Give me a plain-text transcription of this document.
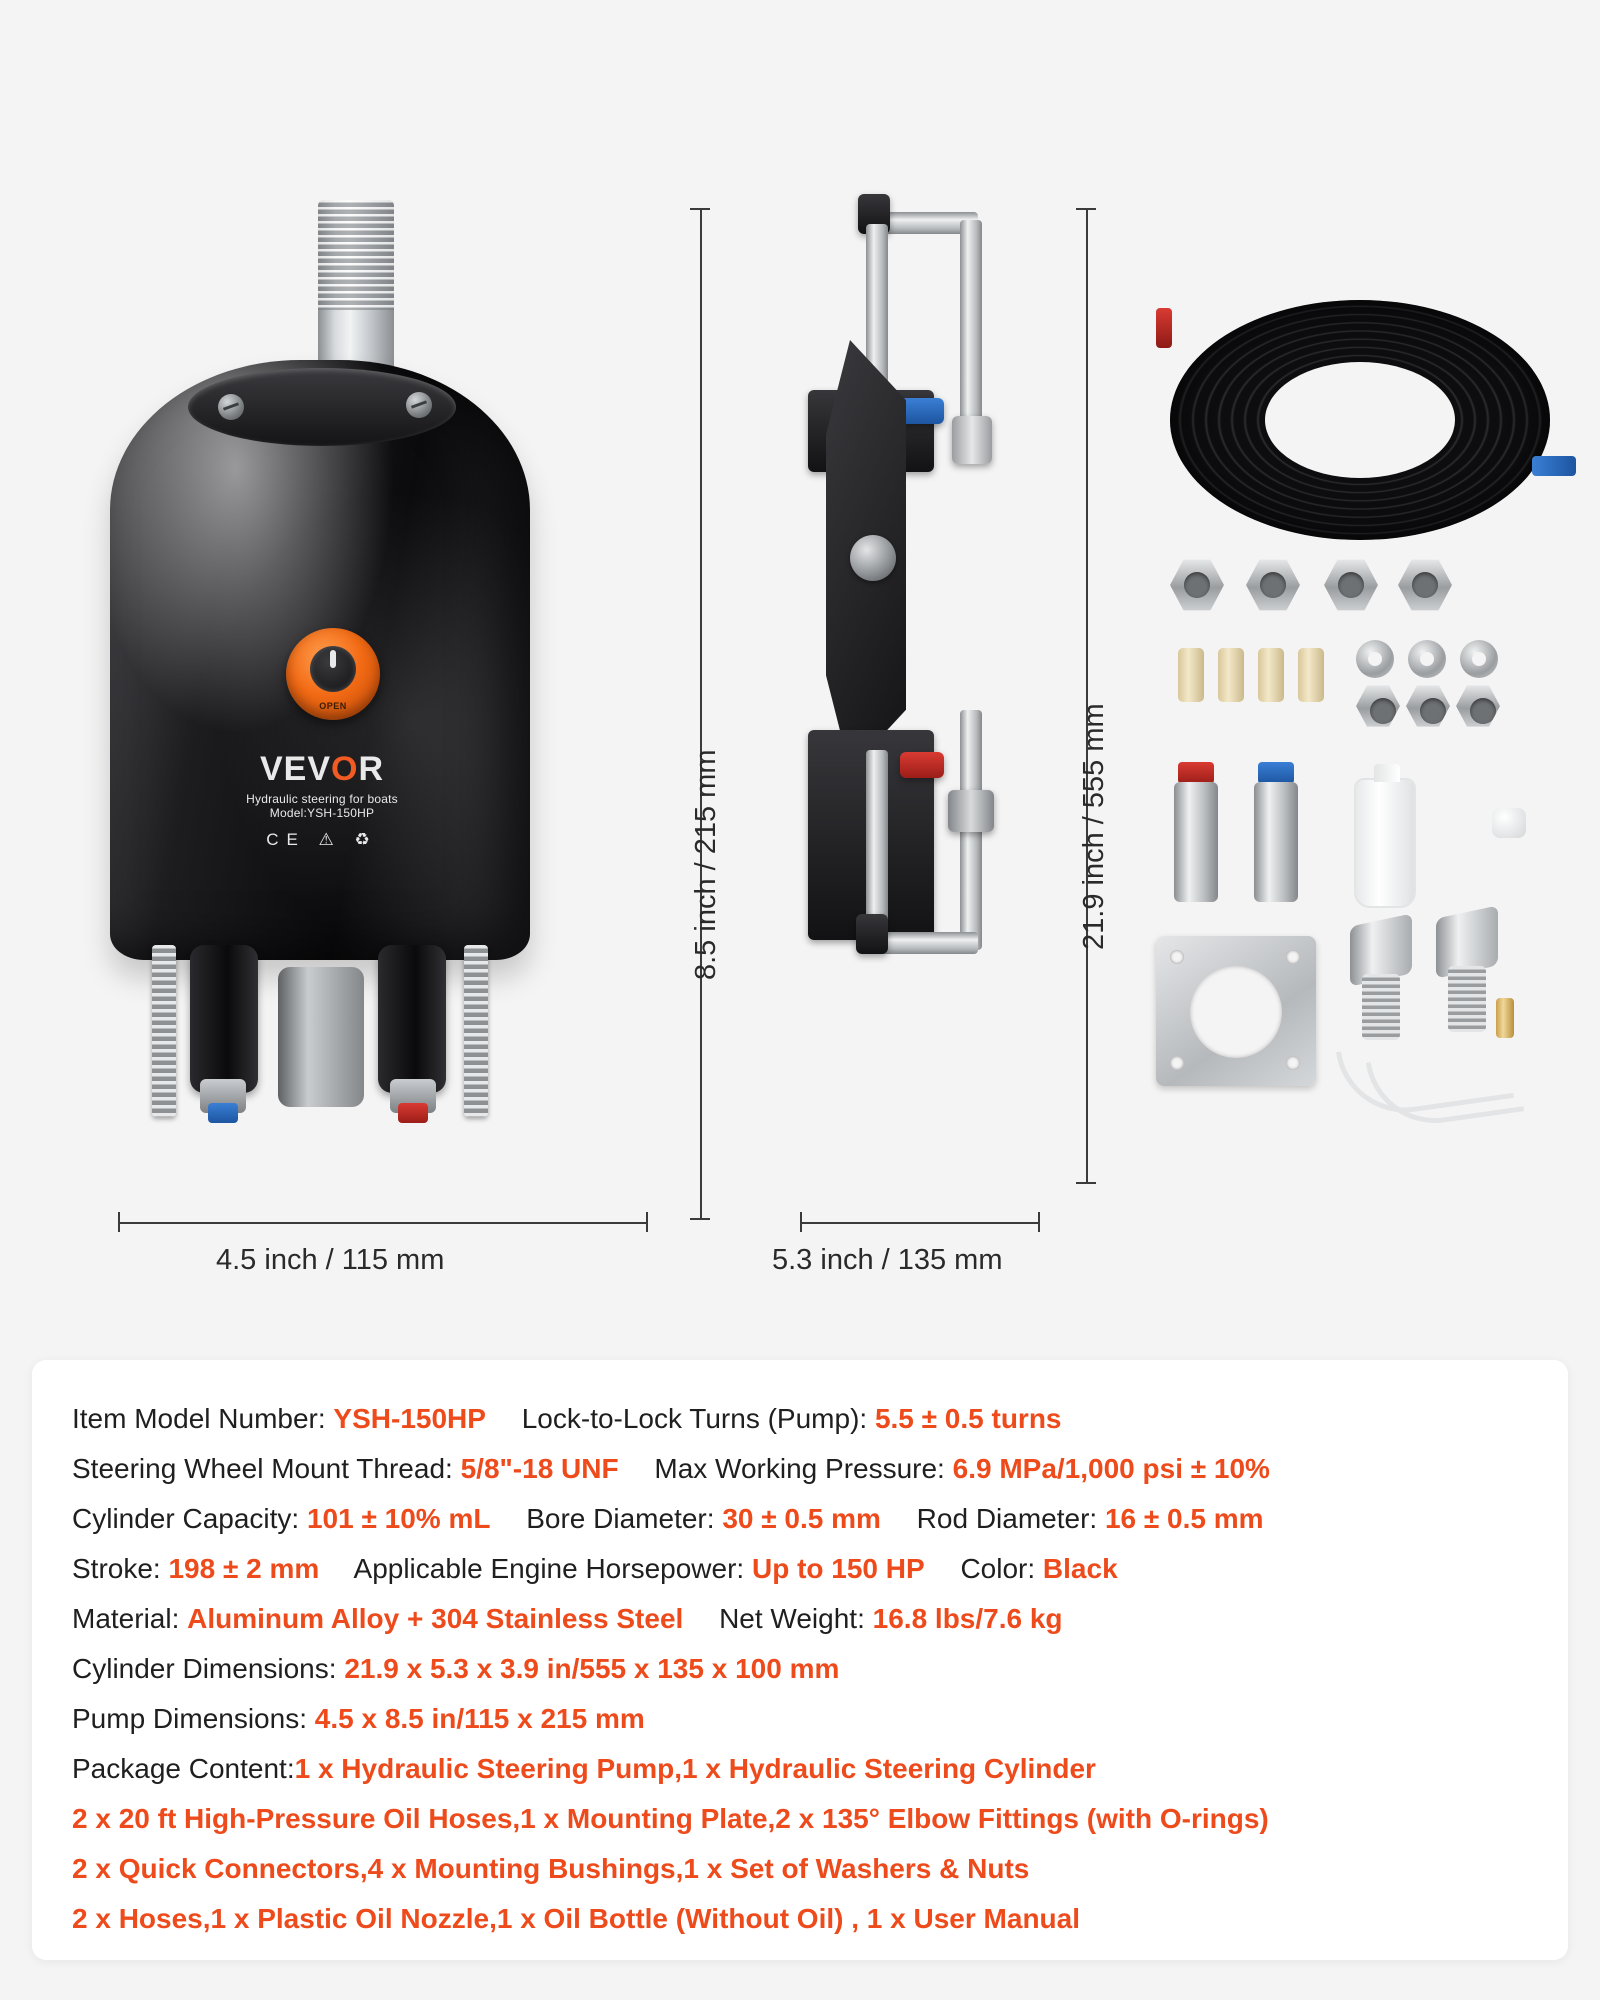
OPEN
VEVOR
Hydraulic steering for boats
Model:YSH-150HP
CE ⚠ ♻	8.5 inch / 215 mm
4.5 inch / 115 mm
21.9 inch / 555 mm
5.3 inch / 135 mm
Item Model Number: YSH-150HP Lock-to-Lock Turns (Pump): 5.5 ± 0.5 turns
Steering Wheel Mount Thread: 5/8"-18 UNF Max Working Pressure: 6.9 MPa/1,000 psi ± 10%
Cylinder Capacity: 101 ± 10% mL Bore Diameter: 30 ± 0.5 mm Rod Diameter: 16 ± 0.5 mm
Stroke: 198 ± 2 mm Applicable Engine Horsepower: Up to 150 HP Color: Black
Material: Aluminum Alloy + 304 Stainless Steel Net Weight: 16.8 lbs/7.6 kg
Cylinder Dimensions: 21.9 x 5.3 x 3.9 in/555 x 135 x 100 mm
Pump Dimensions: 4.5 x 8.5 in/115 x 215 mm
Package Content:1 x Hydraulic Steering Pump,1 x Hydraulic Steering Cylinder
2 x 20 ft High-Pressure Oil Hoses,1 x Mounting Plate,2 x 135° Elbow Fittings (with O-rings)
2 x Quick Connectors,4 x Mounting Bushings,1 x Set of Washers & Nuts
2 x Hoses,1 x Plastic Oil Nozzle,1 x Oil Bottle (Without Oil) , 1 x User Manual
